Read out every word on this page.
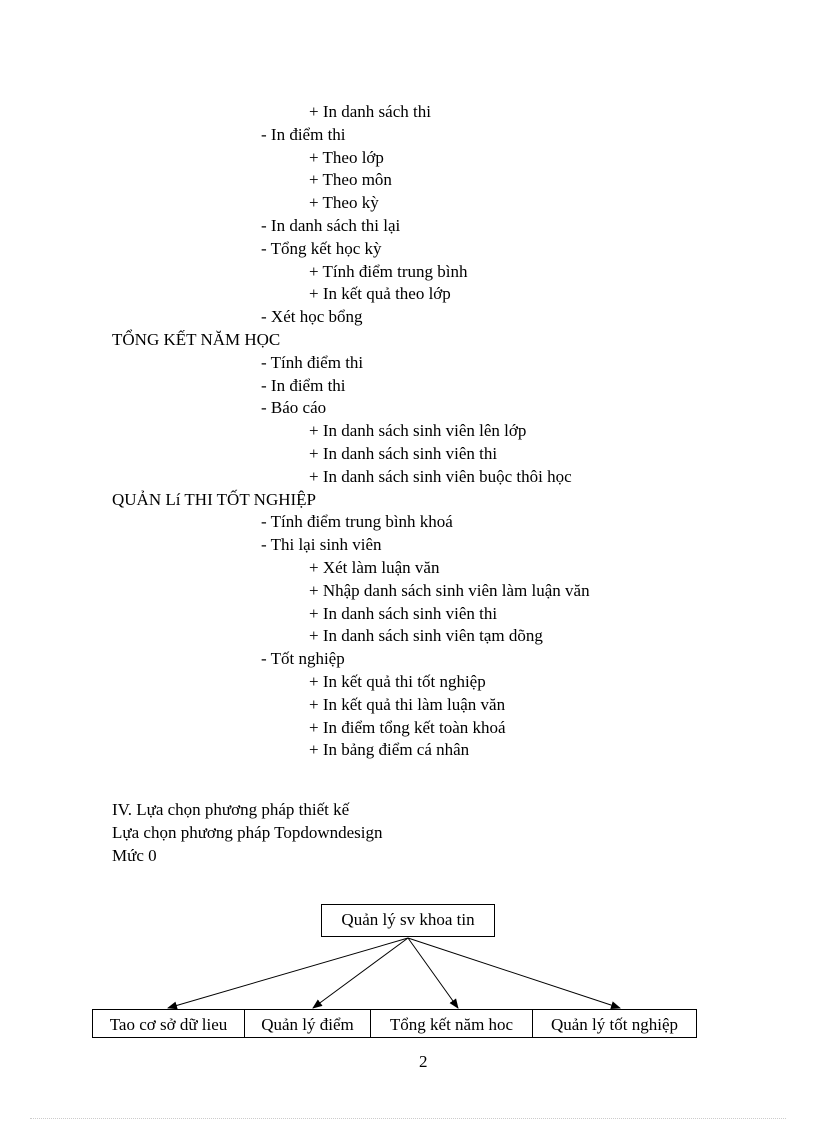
+ In danh sách thi
- In điểm thi
+ Theo lớp
+ Theo môn
+ Theo kỳ
- In danh sách thi lại
- Tổng kết học kỳ
+ Tính điểm trung bình
+ In kết quả theo lớp
- Xét học bổng
TỔNG KẾT NĂM HỌC
- Tính điểm thi
- In điểm thi
- Báo cáo
+ In danh sách sinh viên lên lớp
+ In danh sách sinh viên thi
+ In danh sách sinh viên buộc thôi học
QUẢN Lí THI TỐT NGHIỆP
- Tính điểm trung bình khoá
- Thi lại sinh viên
+ Xét làm luận văn
+ Nhập danh sách sinh viên làm luận văn
+ In danh sách sinh viên thi
+ In danh sách sinh viên tạm dõng
- Tốt nghiệp
+ In kết quả thi tốt nghiệp
+ In kết quả thi làm luận văn
+ In điểm tổng kết toàn khoá
+ In bảng điểm cá nhân
IV. Lựa chọn phương pháp thiết kế
Lựa chọn phương pháp Topdowndesign
Mức 0
Quản lý sv khoa tin
Tao cơ sở dữ lieu	Quản lý điểm	Tổng kết năm hoc	Quản lý tốt nghiệp
2
